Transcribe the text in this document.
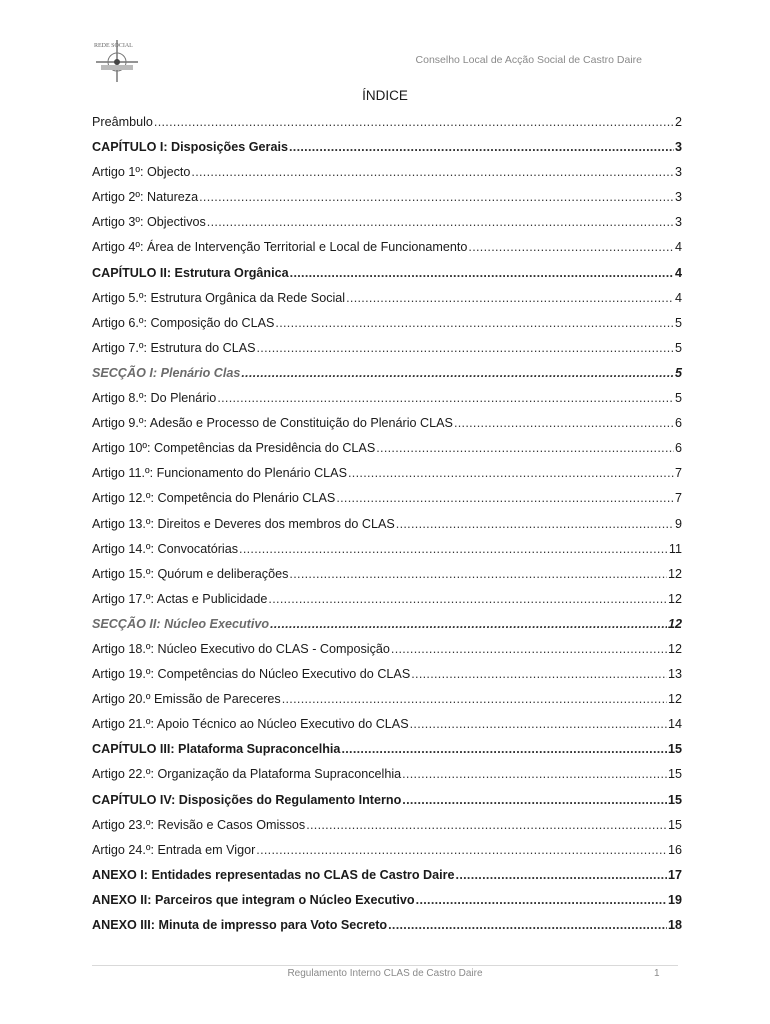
REDE SOCIAL
Conselho Local de Acção Social de Castro Daire
ÍNDICE
Preâmbulo .....	2
CAPÍTULO I: Disposições Gerais .....	3
Artigo 1º: Objecto .....	3
Artigo 2º: Natureza .....	3
Artigo 3º: Objectivos .....	3
Artigo 4º: Área de Intervenção Territorial e Local de Funcionamento .....	4
CAPÍTULO II: Estrutura Orgânica .....	4
Artigo 5.º: Estrutura Orgânica da Rede Social .....	4
Artigo 6.º: Composição do CLAS .....	5
Artigo 7.º: Estrutura do CLAS .....	5
SECÇÃO I: Plenário Clas .....	5
Artigo 8.º: Do Plenário .....	5
Artigo 9.º: Adesão e Processo de Constituição do Plenário CLAS .....	6
Artigo 10º: Competências da Presidência do CLAS .....	6
Artigo 11.º: Funcionamento do Plenário CLAS .....	7
Artigo 12.º: Competência do Plenário CLAS .....	7
Artigo 13.º: Direitos e Deveres dos membros do CLAS .....	9
Artigo 14.º: Convocatórias .....	11
Artigo 15.º: Quórum e deliberações .....	12
Artigo 17.º: Actas e Publicidade .....	12
SECÇÃO II: Núcleo Executivo .....	12
Artigo 18.º: Núcleo Executivo do CLAS - Composição .....	12
Artigo 19.º: Competências do Núcleo Executivo do CLAS .....	13
Artigo 20.º Emissão de Pareceres .....	12
Artigo 21.º: Apoio Técnico ao Núcleo Executivo do CLAS .....	14
CAPÍTULO III: Plataforma Supraconcelhia .....	15
Artigo 22.º: Organização da Plataforma Supraconcelhia .....	15
CAPÍTULO IV: Disposições do Regulamento Interno .....	15
Artigo 23.º: Revisão e Casos Omissos .....	15
Artigo 24.º: Entrada em Vigor .....	16
ANEXO I: Entidades representadas no CLAS de Castro Daire .....	17
ANEXO II: Parceiros que integram o Núcleo Executivo .....	19
ANEXO III: Minuta de impresso para Voto Secreto .....	18
Regulamento Interno CLAS de Castro Daire	1
